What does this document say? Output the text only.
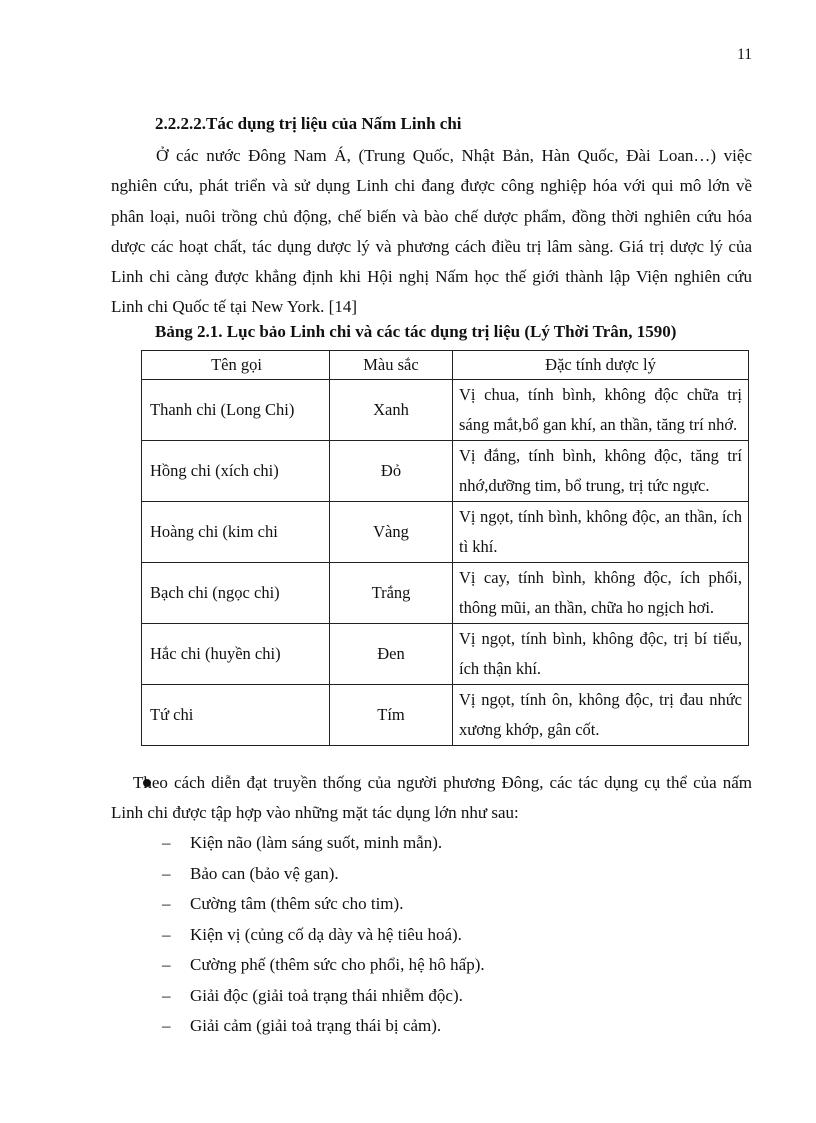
11
2.2.2.2.Tác dụng trị liệu của Nấm Linh chi

Ở các nước Đông Nam Á, (Trung Quốc, Nhật Bản, Hàn Quốc, Đài Loan…) việc nghiên cứu, phát triển và sử dụng Linh chi đang được công nghiệp hóa với qui mô lớn về phân loại, nuôi trồng chủ động, chế biến và bào chế dược phẩm, đồng thời nghiên cứu hóa dược các hoạt chất, tác dụng dược lý và phương cách điều trị lâm sàng. Giá trị dược lý của Linh chi càng được khẳng định khi Hội nghị Nấm học thế giới thành lập Viện nghiên cứu Linh chi Quốc tế tại New York. [14]

Bảng 2.1. Lục bảo Linh chi và các tác dụng trị liệu (Lý Thời Trân, 1590)
Tên gọi	Màu sắc	Đặc tính dược lý
Thanh chi (Long Chi)	Xanh	Vị chua, tính bình, không độc chữa trị sáng mắt,bổ gan khí, an thần, tăng trí nhớ.
Hồng chi (xích chi)	Đỏ	Vị đắng, tính bình, không độc, tăng trí nhớ,dưỡng tim, bổ trung, trị tức ngực.
Hoàng chi (kim chi	Vàng	Vị ngọt, tính bình, không độc, an thần, ích tì khí.
Bạch chi (ngọc chi)	Trắng	Vị cay, tính bình, không độc, ích phổi, thông mũi, an thần, chữa ho ngịch hơi.
Hắc chi (huyền chi)	Đen	Vị ngọt, tính bình, không độc, trị bí tiểu, ích thận khí.
Tứ chi	Tím	Vị ngọt, tính ôn, không độc, trị đau nhức xương khớp, gân cốt.

Theo cách diễn đạt truyền thống của người phương Đông, các tác dụng cụ thể của nấm Linh chi được tập hợp vào những mặt tác dụng lớn như sau:

– Kiện não (làm sáng suốt, minh mẫn).
– Bảo can (bảo vệ gan).
– Cường tâm (thêm sức cho tim).
– Kiện vị (củng cố dạ dày và hệ tiêu hoá).
– Cường phế (thêm sức cho phổi, hệ hô hấp).
– Giải độc (giải toả trạng thái nhiễm độc).
– Giải cảm (giải toả trạng thái bị cảm).
